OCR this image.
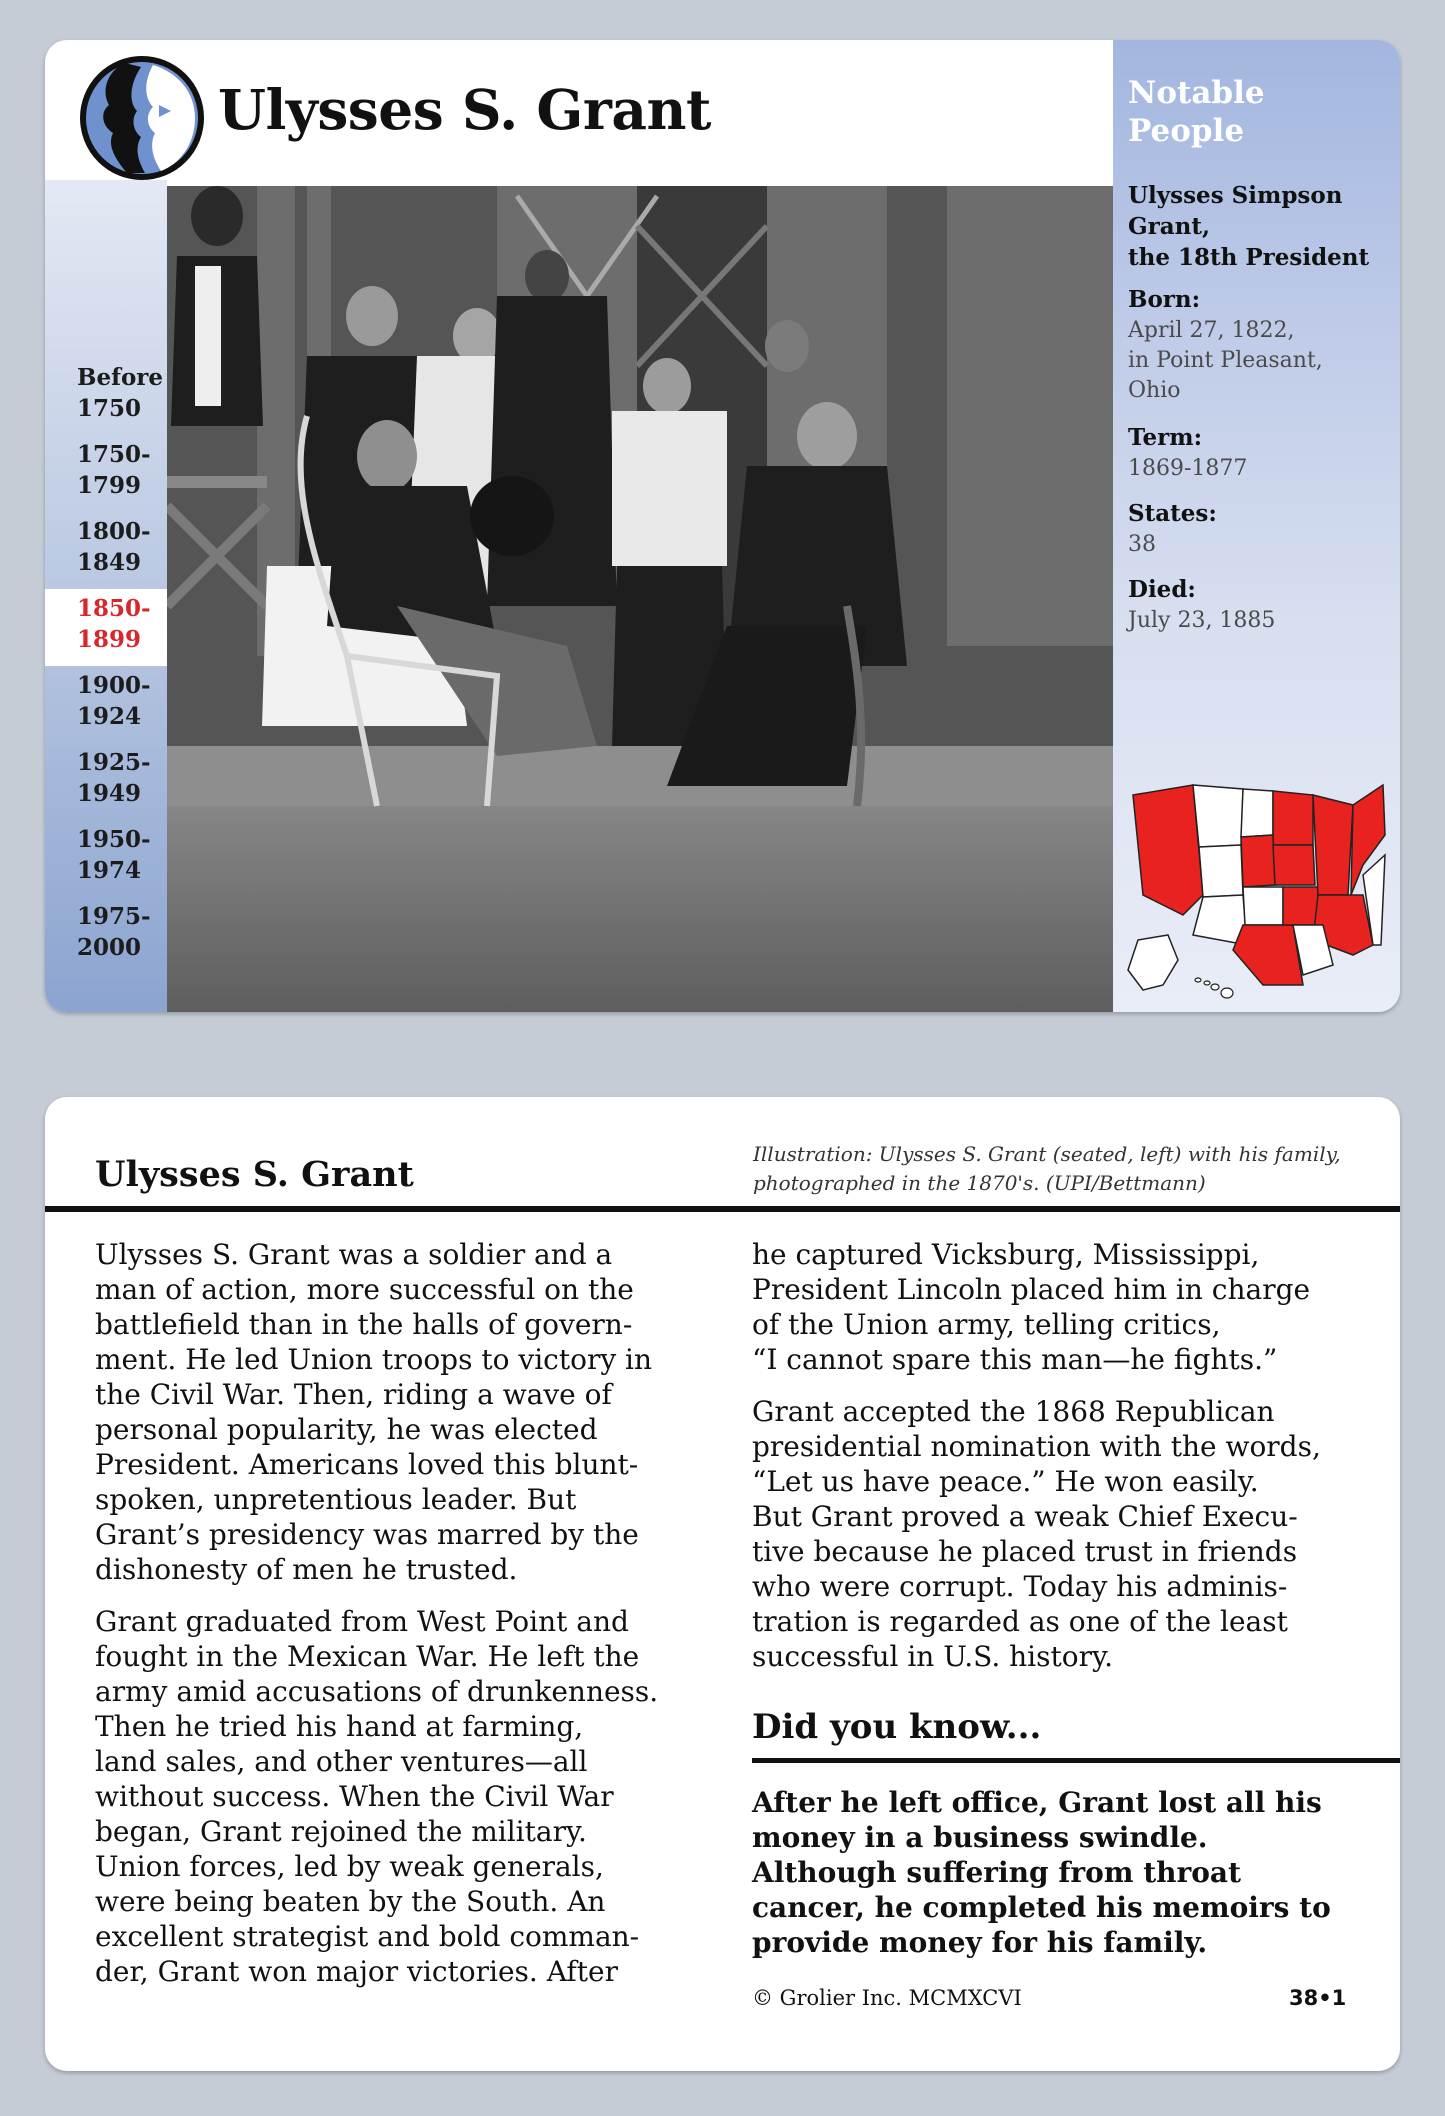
Before
1750
1750-
1799
1800-
1849
1850-
1899
1900-
1924
1925-
1949
1950-
1974
1975-
2000
Ulysses S. Grant	Notable
People

Ulysses Simpson
Grant,
the 18th President

Born:
April 27, 1822,
in Point Pleasant,
Ohio
Term:
1869-1877
States:
38
Died:
July 23, 1885
Ulysses S. Grant	Illustration: Ulysses S. Grant (seated, left) with his family,
photographed in the 1870's. (UPI/Bettmann)

Ulysses S. Grant was a soldier and a
man of action, more successful on the
battlefield than in the halls of govern-
ment. He led Union troops to victory in
the Civil War. Then, riding a wave of
personal popularity, he was elected
President. Americans loved this blunt-
spoken, unpretentious leader. But
Grant’s presidency was marred by the
dishonesty of men he trusted.

Grant graduated from West Point and
fought in the Mexican War. He left the
army amid accusations of drunkenness.
Then he tried his hand at farming,
land sales, and other ventures—all
without success. When the Civil War
began, Grant rejoined the military.
Union forces, led by weak generals,
were being beaten by the South. An
excellent strategist and bold comman-
der, Grant won major victories. After

he captured Vicksburg, Mississippi,
President Lincoln placed him in charge
of the Union army, telling critics,
“I cannot spare this man—he fights.”

Grant accepted the 1868 Republican
presidential nomination with the words,
“Let us have peace.” He won easily.
But Grant proved a weak Chief Execu-
tive because he placed trust in friends
who were corrupt. Today his adminis-
tration is regarded as one of the least
successful in U.S. history.

Did you know...

After he left office, Grant lost all his
money in a business swindle.
Although suffering from throat
cancer, he completed his memoirs to
provide money for his family.

© Grolier Inc. MCMXCVI	38•1
